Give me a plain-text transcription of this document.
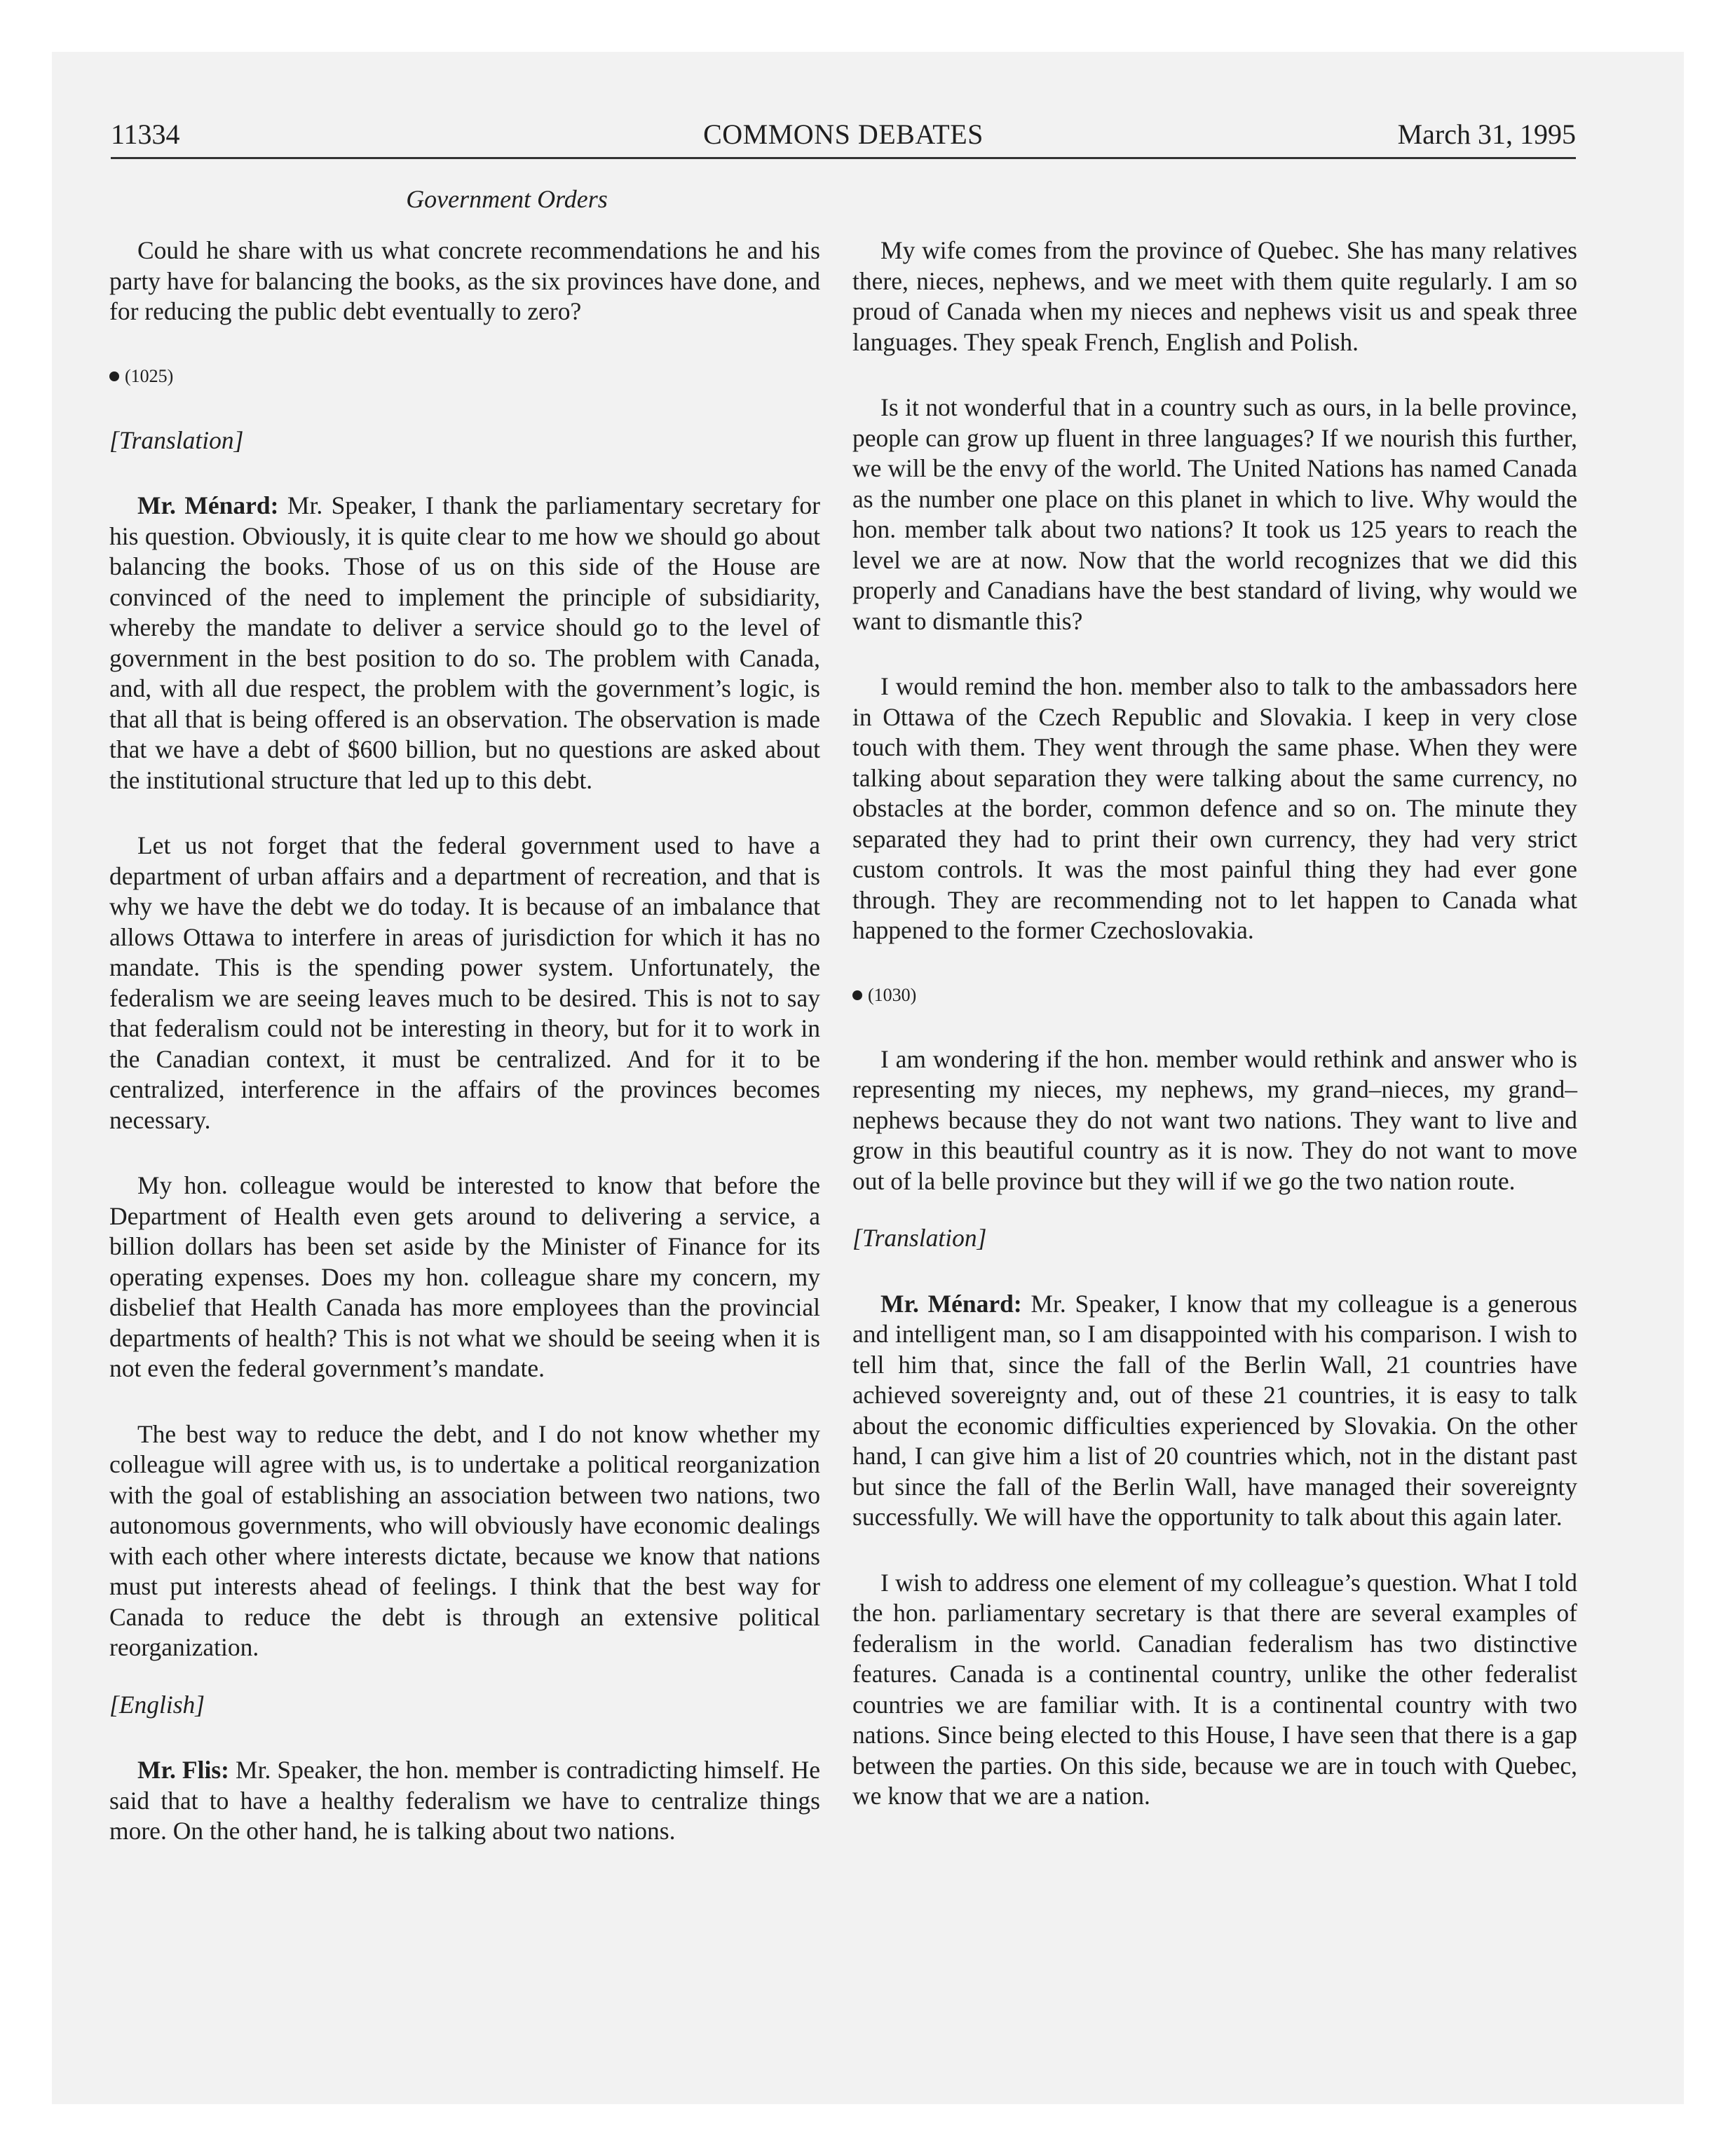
11334	COMMONS DEBATES	March 31, 1995
Government Orders

Could he share with us what concrete recommendations he and his party have for balancing the books, as the six provinces have done, and for reducing the public debt eventually to zero?

(1025)

[Translation]

Mr. Ménard: Mr. Speaker, I thank the parliamentary secretary for his question. Obviously, it is quite clear to me how we should go about balancing the books. Those of us on this side of the House are convinced of the need to implement the principle of subsidiarity, whereby the mandate to deliver a service should go to the level of government in the best position to do so. The problem with Canada, and, with all due respect, the problem with the government’s logic, is that all that is being offered is an observation. The observation is made that we have a debt of $600 billion, but no questions are asked about the institutional structure that led up to this debt.

Let us not forget that the federal government used to have a department of urban affairs and a department of recreation, and that is why we have the debt we do today. It is because of an imbalance that allows Ottawa to interfere in areas of jurisdiction for which it has no mandate. This is the spending power system. Unfortunately, the federalism we are seeing leaves much to be desired. This is not to say that federalism could not be interesting in theory, but for it to work in the Canadian context, it must be centralized. And for it to be centralized, interference in the affairs of the provinces becomes necessary.

My hon. colleague would be interested to know that before the Department of Health even gets around to delivering a service, a billion dollars has been set aside by the Minister of Finance for its operating expenses. Does my hon. colleague share my concern, my disbelief that Health Canada has more employees than the provincial departments of health? This is not what we should be seeing when it is not even the federal government’s mandate.

The best way to reduce the debt, and I do not know whether my colleague will agree with us, is to undertake a political reorganization with the goal of establishing an association between two nations, two autonomous governments, who will obviously have economic dealings with each other where interests dictate, because we know that nations must put interests ahead of feelings. I think that the best way for Canada to reduce the debt is through an extensive political reorganization.

[English]

Mr. Flis: Mr. Speaker, the hon. member is contradicting himself. He said that to have a healthy federalism we have to centralize things more. On the other hand, he is talking about two nations.

My wife comes from the province of Quebec. She has many relatives there, nieces, nephews, and we meet with them quite regularly. I am so proud of Canada when my nieces and nephews visit us and speak three languages. They speak French, English and Polish.

Is it not wonderful that in a country such as ours, in la belle province, people can grow up fluent in three languages? If we nourish this further, we will be the envy of the world. The United Nations has named Canada as the number one place on this planet in which to live. Why would the hon. member talk about two nations? It took us 125 years to reach the level we are at now. Now that the world recognizes that we did this properly and Canadians have the best standard of living, why would we want to dismantle this?

I would remind the hon. member also to talk to the ambassadors here in Ottawa of the Czech Republic and Slovakia. I keep in very close touch with them. They went through the same phase. When they were talking about separation they were talking about the same currency, no obstacles at the border, common defence and so on. The minute they separated they had to print their own currency, they had very strict custom controls. It was the most painful thing they had ever gone through. They are recommending not to let happen to Canada what happened to the former Czechoslovakia.

(1030)

I am wondering if the hon. member would rethink and answer who is representing my nieces, my nephews, my grand–nieces, my grand–nephews because they do not want two nations. They want to live and grow in this beautiful country as it is now. They do not want to move out of la belle province but they will if we go the two nation route.

[Translation]

Mr. Ménard: Mr. Speaker, I know that my colleague is a generous and intelligent man, so I am disappointed with his comparison. I wish to tell him that, since the fall of the Berlin Wall, 21 countries have achieved sovereignty and, out of these 21 countries, it is easy to talk about the economic difficulties experienced by Slovakia. On the other hand, I can give him a list of 20 countries which, not in the distant past but since the fall of the Berlin Wall, have managed their sovereignty successfully. We will have the opportunity to talk about this again later.

I wish to address one element of my colleague’s question. What I told the hon. parliamentary secretary is that there are several examples of federalism in the world. Canadian federalism has two distinctive features. Canada is a continental country, unlike the other federalist countries we are familiar with. It is a continental country with two nations. Since being elected to this House, I have seen that there is a gap between the parties. On this side, because we are in touch with Quebec, we know that we are a nation.
